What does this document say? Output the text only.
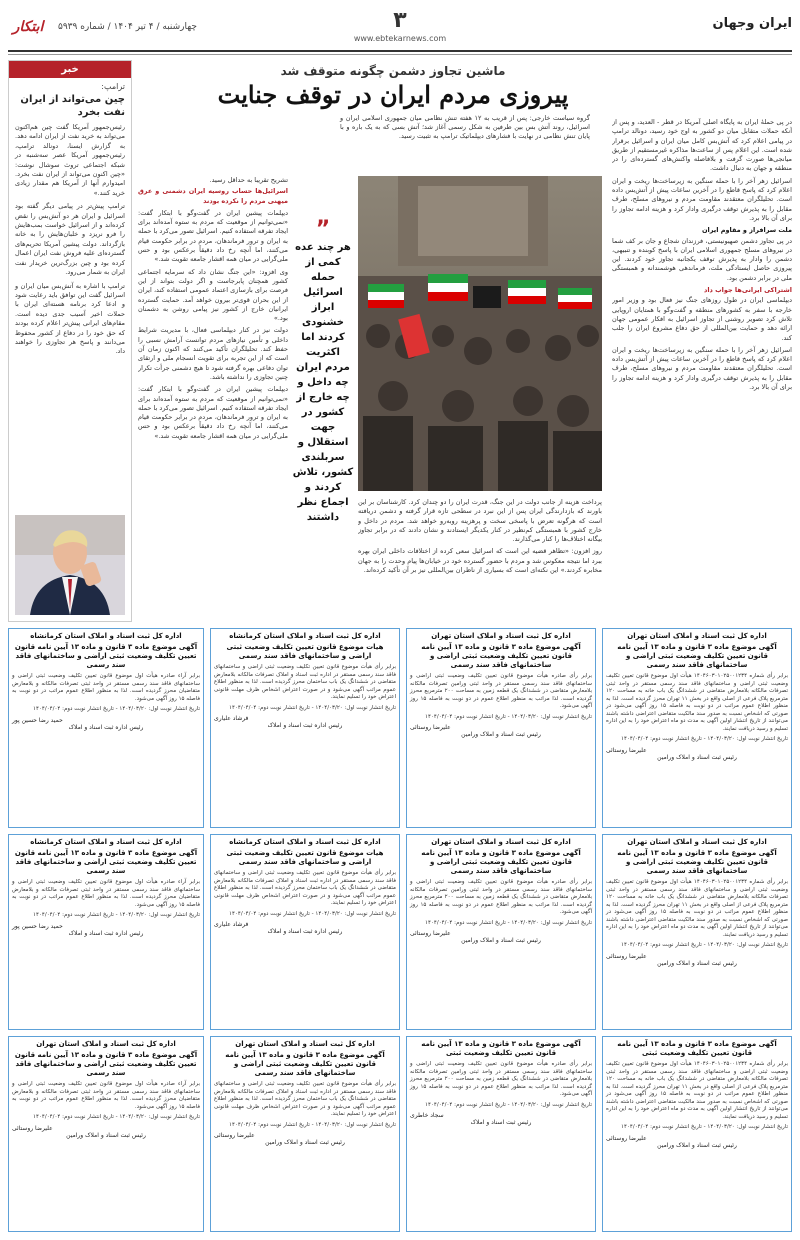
ایران وجهان
۳
www.ebtekarnews.com
چهارشنبه / ۴ تیر ۱۴۰۴ / شماره ۵۹۳۹
ابتکار
خبر
ترامپ:
چین می‌تواند از ایران نفت بخرد
رئیس‌جمهور آمریکا گفت چین هم‌اکنون می‌تواند به خرید نفت از ایران ادامه دهد. به گزارش ایسنا، دونالد ترامپ، رئیس‌جمهور آمریکا عصر سه‌شنبه در شبکه اجتماعی تروث سوشال نوشت: «چین اکنون می‌تواند از ایران نفت بخرد. امیدوارم آنها از آمریکا هم مقدار زیادی خرید کنند.»
ترامپ پیش‌تر در پیامی دیگر گفته بود اسرائیل و ایران هر دو آتش‌بس را نقض کرده‌اند و از اسرائیل خواست بمب‌هایش را فرو نریزد و خلبان‌هایش را به خانه بازگرداند. دولت پیشین آمریکا تحریم‌های گسترده‌ای علیه فروش نفت ایران اعمال کرده بود و چین بزرگ‌ترین خریدار نفت ایران به شمار می‌رود.
ترامپ با اشاره به آتش‌بس میان ایران و اسرائیل گفت این توافق باید رعایت شود و ادعا کرد برنامه هسته‌ای ایران با حملات اخیر آسیب جدی دیده است. مقام‌های ایرانی پیش‌تر اعلام کرده بودند که حق خود را در دفاع از کشور محفوظ می‌دانند و پاسخ هر تجاوزی را خواهند داد.
ماشین تجاوز دشمن چگونه متوقف شد
پیروزی مردم ایران در توقف جنایت
گروه سیاست خارجی: پس از قریب به ۱۲ هفته تنش نظامی میان جمهوری اسلامی ایران و اسرائیل، روند آتش بس بین طرفین به شکل رسمی آغاز شد؛ آتش بسی که به یک باره و با پایان تنش نظامی در نهایت با فشارهای دیپلماتیک ترامپ به تثبیت رسید.

در پی حملهٔ ایران به پایگاه اصلی آمریکا در قطر - العدید، و پس از آنکه حملات متقابل میان دو کشور به اوج خود رسید، دونالد ترامپ در پیامی اعلام کرد که آتش‌بس کامل میان ایران و اسرائیل برقرار شده است. این اعلام پس از ساعت‌ها مذاکره غیرمستقیم از طریق میانجی‌ها صورت گرفت و بلافاصله واکنش‌های گسترده‌ای را در منطقه و جهان به دنبال داشت.

اسرائیل زهر آخر را با حمله سنگین به زیرساخت‌ها ریخت و ایران اعلام کرد که پاسخ قاطع را در آخرین ساعات پیش از آتش‌بس داده است. تحلیلگران معتقدند مقاومت مردم و نیروهای مسلح، طرف مقابل را به پذیرش توقف درگیری وادار کرد و هزینه ادامه تجاوز را برای آن بالا برد.

ملت سرافراز و مقاوم ایران

در پی تجاوز دشمن صهیونیستی، فرزندان شجاع و جان بر کف شما در نیروهای مسلح جمهوری اسلامی ایران با پاسخ کوبنده و تنبیهی، دشمن را وادار به پذیرش توقف یکجانبه تجاوز خود کردند. این پیروزی حاصل ایستادگی ملت، فرماندهی هوشمندانه و همبستگی ملی در برابر دشمن بود.

اشتراکی ایرانی‌ها جواب داد

دیپلماسی ایران در طول روزهای جنگ نیز فعال بود و وزیر امور خارجه با سفر به کشورهای منطقه و گفت‌وگو با همتایان اروپایی تلاش کرد تصویر روشنی از تجاوز اسرائیل به افکار عمومی جهان ارائه دهد و حمایت بین‌المللی از حق دفاع مشروع ایران را جلب کند.

اسرائیل زهر آخر را با حمله سنگین به زیرساخت‌ها ریخت و ایران اعلام کرد که پاسخ قاطع را در آخرین ساعات پیش از آتش‌بس داده است. تحلیلگران معتقدند مقاومت مردم و نیروهای مسلح، طرف مقابل را به پذیرش توقف درگیری وادار کرد و هزینه ادامه تجاوز را برای آن بالا برد.

”
هر چند عده کمی از حمله اسرائیل ابراز خشنودی کردند اما اکثریت مردم ایران چه داخل و چه خارج از کشور در جهت استقلال و سربلندی کشور، تلاش کردند و اجماع نظر داشتند

پرداخت هزینه از جانب دولت در این جنگ، قدرت ایران را دو چندان کرد. کارشناسان بر این باورند که بازدارندگی ایران پس از این نبرد در سطحی تازه قرار گرفته و دشمن دریافته است که هرگونه تعرض با پاسخی سخت و پرهزینه روبه‌رو خواهد شد. مردم در داخل و خارج کشور با همبستگی کم‌نظیر در کنار یکدیگر ایستادند و نشان دادند که در برابر تجاوز بیگانه اختلاف‌ها را کنار می‌گذارند.

روز افزون: «تظاهر قضیه این است که اسرائیل سعی کرده از اختلافات داخلی ایران بهره ببرد اما نتیجه معکوس شد و مردم با حضور گسترده خود در خیابان‌ها پیام وحدت را به جهان مخابره کردند.» این نکته‌ای است که بسیاری از ناظران بین‌المللی نیز بر آن تأکید کرده‌اند.

تشریح تقریبا به حداقل رسید.

اسرائیل‌ها حساب روسیه ایران دشمنی و عرق میهنی مردم را نکرده بودند

دیپلمات پیشین ایران در گفت‌وگو با ابتکار گفت: «نمی‌توانیم از موقعیت که مردم به ستوه آمده‌اند برای ایجاد تفرقه استفاده کنیم. اسرائیل تصور می‌کرد با حمله به ایران و ترور فرماندهان، مردم در برابر حکومت قیام می‌کنند، اما آنچه رخ داد دقیقاً برعکس بود و حس ملی‌گرایی در میان همه اقشار جامعه تقویت شد.»

وی افزود: «این جنگ نشان داد که سرمایه اجتماعی کشور همچنان پابرجاست و اگر دولت بتواند از این فرصت برای بازسازی اعتماد عمومی استفاده کند، ایران از این بحران قوی‌تر بیرون خواهد آمد. حمایت گسترده ایرانیان خارج از کشور نیز پیامی روشن به دشمنان بود.»

دولت نیز در کنار دیپلماسی فعال، با مدیریت شرایط داخلی و تأمین نیازهای مردم توانست آرامش نسبی را حفظ کند. تحلیلگران تأکید می‌کنند که اکنون زمان آن است که از این تجربه برای تقویت انسجام ملی و ارتقای توان دفاعی بهره گرفته شود تا هیچ دشمنی جرأت تکرار چنین تجاوزی را نداشته باشد.

دیپلمات پیشین ایران در گفت‌وگو با ابتکار گفت: «نمی‌توانیم از موقعیت که مردم به ستوه آمده‌اند برای ایجاد تفرقه استفاده کنیم. اسرائیل تصور می‌کرد با حمله به ایران و ترور فرماندهان، مردم در برابر حکومت قیام می‌کنند، اما آنچه رخ داد دقیقاً برعکس بود و حس ملی‌گرایی در میان همه اقشار جامعه تقویت شد.»

اداره کل ثبت اسناد و املاک استان تهران
آگهی موضوع ماده ۳ قانون و ماده ۱۳ آیین نامه قانون تعیین تکلیف وضعیت ثبتی اراضی و ساختمانهای فاقد سند رسمی
برابر رأی شماره ۱۴۰۴۶۰۳۰۱۰۲۵۰۰۱۲۳۴ هیأت اول موضوع قانون تعیین تکلیف وضعیت ثبتی اراضی و ساختمانهای فاقد سند رسمی مستقر در واحد ثبتی تصرفات مالکانه بلامعارض متقاضی در ششدانگ یک باب خانه به مساحت ۱۲۰ مترمربع پلاک فرعی از اصلی واقع در بخش ۱۱ تهران محرز گردیده است. لذا به منظور اطلاع عموم مراتب در دو نوبت به فاصله ۱۵ روز آگهی می‌شود در صورتی که اشخاص نسبت به صدور سند مالکیت متقاضی اعتراضی داشته باشند می‌توانند از تاریخ انتشار اولین آگهی به مدت دو ماه اعتراض خود را به این اداره تسلیم و رسید دریافت نمایند.
تاریخ انتشار نوبت اول: ۱۴۰۴/۰۳/۲۰ - تاریخ انتشار نوبت دوم: ۱۴۰۴/۰۴/۰۴
علیرضا روستائی
رئیس ثبت اسناد و املاک ورامین
اداره کل ثبت اسناد و املاک استان تهران
آگهی موضوع ماده ۳ قانون و ماده ۱۳ آیین نامه قانون تعیین تکلیف وضعیت ثبتی اراضی و ساختمانهای فاقد سند رسمی
برابر رأی صادره هیأت موضوع قانون تعیین تکلیف وضعیت ثبتی اراضی و ساختمانهای فاقد سند رسمی مستقر در واحد ثبتی ورامین تصرفات مالکانه بلامعارض متقاضی در ششدانگ یک قطعه زمین به مساحت ۲۰۰ مترمربع محرز گردیده است. لذا مراتب به منظور اطلاع عموم در دو نوبت به فاصله ۱۵ روز آگهی می‌شود.
تاریخ انتشار نوبت اول: ۱۴۰۴/۰۳/۲۰ - تاریخ انتشار نوبت دوم: ۱۴۰۴/۰۴/۰۴
علیرضا روستائی
رئیس ثبت اسناد و املاک ورامین
اداره کل ثبت اسناد و املاک استان کرمانشاه
هیات موضوع قانون تعیین تکلیف وضعیت ثبتی اراضی و ساختمانهای فاقد سند رسمی
برابر رأی هیأت موضوع قانون تعیین تکلیف وضعیت ثبتی اراضی و ساختمانهای فاقد سند رسمی مستقر در اداره ثبت اسناد و املاک تصرفات مالکانه بلامعارض متقاضی در ششدانگ یک باب ساختمان محرز گردیده است. لذا به منظور اطلاع عموم مراتب آگهی می‌شود و در صورت اعتراض اشخاص ظرف مهلت قانونی اعتراض خود را تسلیم نمایند.
تاریخ انتشار نوبت اول: ۱۴۰۴/۰۳/۲۰ - تاریخ انتشار نوبت دوم: ۱۴۰۴/۰۴/۰۴
فرشاد علیاری
رئیس اداره ثبت اسناد و املاک
اداره کل ثبت اسناد و املاک استان کرمانشاه
آگهی موضوع ماده ۳ قانون و ماده ۱۳ آیین نامه قانون تعیین تکلیف وضعیت ثبتی اراضی و ساختمانهای فاقد سند رسمی
برابر آراء صادره هیأت اول موضوع قانون تعیین تکلیف وضعیت ثبتی اراضی و ساختمانهای فاقد سند رسمی مستقر در واحد ثبتی تصرفات مالکانه و بلامعارض متقاضیان محرز گردیده است. لذا به منظور اطلاع عموم مراتب در دو نوبت به فاصله ۱۵ روز آگهی می‌شود.
تاریخ انتشار نوبت اول: ۱۴۰۴/۰۳/۲۰ - تاریخ انتشار نوبت دوم: ۱۴۰۴/۰۴/۰۴
حمید رضا حسین پور
رئیس اداره ثبت اسناد و املاک
اداره کل ثبت اسناد و املاک استان تهران
آگهی موضوع ماده ۳ قانون و ماده ۱۳ آیین نامه قانون تعیین تکلیف وضعیت ثبتی اراضی و ساختمانهای فاقد سند رسمی
برابر رأی شماره ۱۴۰۴۶۰۳۰۱۰۲۵۰۰۱۲۳۴ هیأت اول موضوع قانون تعیین تکلیف وضعیت ثبتی اراضی و ساختمانهای فاقد سند رسمی مستقر در واحد ثبتی تصرفات مالکانه بلامعارض متقاضی در ششدانگ یک باب خانه به مساحت ۱۲۰ مترمربع پلاک فرعی از اصلی واقع در بخش ۱۱ تهران محرز گردیده است. لذا به منظور اطلاع عموم مراتب در دو نوبت به فاصله ۱۵ روز آگهی می‌شود در صورتی که اشخاص نسبت به صدور سند مالکیت متقاضی اعتراضی داشته باشند می‌توانند از تاریخ انتشار اولین آگهی به مدت دو ماه اعتراض خود را به این اداره تسلیم و رسید دریافت نمایند.
تاریخ انتشار نوبت اول: ۱۴۰۴/۰۳/۲۰ - تاریخ انتشار نوبت دوم: ۱۴۰۴/۰۴/۰۴
علیرضا روستائی
رئیس ثبت اسناد و املاک ورامین
اداره کل ثبت اسناد و املاک استان تهران
آگهی موضوع ماده ۳ قانون و ماده ۱۳ آیین نامه قانون تعیین تکلیف وضعیت ثبتی اراضی و ساختمانهای فاقد سند رسمی
برابر رأی صادره هیأت موضوع قانون تعیین تکلیف وضعیت ثبتی اراضی و ساختمانهای فاقد سند رسمی مستقر در واحد ثبتی ورامین تصرفات مالکانه بلامعارض متقاضی در ششدانگ یک قطعه زمین به مساحت ۲۰۰ مترمربع محرز گردیده است. لذا مراتب به منظور اطلاع عموم در دو نوبت به فاصله ۱۵ روز آگهی می‌شود.
تاریخ انتشار نوبت اول: ۱۴۰۴/۰۳/۲۰ - تاریخ انتشار نوبت دوم: ۱۴۰۴/۰۴/۰۴
علیرضا روستائی
رئیس ثبت اسناد و املاک ورامین
اداره کل ثبت اسناد و املاک استان کرمانشاه
هیات موضوع قانون تعیین تکلیف وضعیت ثبتی اراضی و ساختمانهای فاقد سند رسمی
برابر رأی هیأت موضوع قانون تعیین تکلیف وضعیت ثبتی اراضی و ساختمانهای فاقد سند رسمی مستقر در اداره ثبت اسناد و املاک تصرفات مالکانه بلامعارض متقاضی در ششدانگ یک باب ساختمان محرز گردیده است. لذا به منظور اطلاع عموم مراتب آگهی می‌شود و در صورت اعتراض اشخاص ظرف مهلت قانونی اعتراض خود را تسلیم نمایند.
تاریخ انتشار نوبت اول: ۱۴۰۴/۰۳/۲۰ - تاریخ انتشار نوبت دوم: ۱۴۰۴/۰۴/۰۴
فرشاد علیاری
رئیس اداره ثبت اسناد و املاک
اداره کل ثبت اسناد و املاک استان کرمانشاه
آگهی موضوع ماده ۳ قانون و ماده ۱۳ آیین نامه قانون تعیین تکلیف وضعیت ثبتی اراضی و ساختمانهای فاقد سند رسمی
برابر آراء صادره هیأت اول موضوع قانون تعیین تکلیف وضعیت ثبتی اراضی و ساختمانهای فاقد سند رسمی مستقر در واحد ثبتی تصرفات مالکانه و بلامعارض متقاضیان محرز گردیده است. لذا به منظور اطلاع عموم مراتب در دو نوبت به فاصله ۱۵ روز آگهی می‌شود.
تاریخ انتشار نوبت اول: ۱۴۰۴/۰۳/۲۰ - تاریخ انتشار نوبت دوم: ۱۴۰۴/۰۴/۰۴
حمید رضا حسین پور
رئیس اداره ثبت اسناد و املاک
آگهی موضوع ماده ۳ قانون و ماده ۱۳ آیین نامه قانون تعیین تکلیف وضعیت ثبتی
برابر رأی شماره ۱۴۰۴۶۰۳۰۱۰۲۵۰۰۱۲۳۴ هیأت اول موضوع قانون تعیین تکلیف وضعیت ثبتی اراضی و ساختمانهای فاقد سند رسمی مستقر در واحد ثبتی تصرفات مالکانه بلامعارض متقاضی در ششدانگ یک باب خانه به مساحت ۱۲۰ مترمربع پلاک فرعی از اصلی واقع در بخش ۱۱ تهران محرز گردیده است. لذا به منظور اطلاع عموم مراتب در دو نوبت به فاصله ۱۵ روز آگهی می‌شود در صورتی که اشخاص نسبت به صدور سند مالکیت متقاضی اعتراضی داشته باشند می‌توانند از تاریخ انتشار اولین آگهی به مدت دو ماه اعتراض خود را به این اداره تسلیم و رسید دریافت نمایند.
تاریخ انتشار نوبت اول: ۱۴۰۴/۰۳/۲۰ - تاریخ انتشار نوبت دوم: ۱۴۰۴/۰۴/۰۴
علیرضا روستائی
رئیس ثبت اسناد و املاک ورامین
آگهی موضوع ماده ۳ قانون و ماده ۱۳ آیین نامه قانون تعیین تکلیف وضعیت ثبتی
برابر رأی صادره هیأت موضوع قانون تعیین تکلیف وضعیت ثبتی اراضی و ساختمانهای فاقد سند رسمی مستقر در واحد ثبتی ورامین تصرفات مالکانه بلامعارض متقاضی در ششدانگ یک قطعه زمین به مساحت ۲۰۰ مترمربع محرز گردیده است. لذا مراتب به منظور اطلاع عموم در دو نوبت به فاصله ۱۵ روز آگهی می‌شود.
تاریخ انتشار نوبت اول: ۱۴۰۴/۰۳/۲۰ - تاریخ انتشار نوبت دوم: ۱۴۰۴/۰۴/۰۴
سجاد خاطری
رئیس ثبت اسناد و املاک
اداره کل ثبت اسناد و املاک استان تهران
آگهی موضوع ماده ۳ قانون و ماده ۱۳ آیین نامه قانون تعیین تکلیف وضعیت ثبتی اراضی و ساختمانهای فاقد سند رسمی
برابر رأی هیأت موضوع قانون تعیین تکلیف وضعیت ثبتی اراضی و ساختمانهای فاقد سند رسمی مستقر در اداره ثبت اسناد و املاک تصرفات مالکانه بلامعارض متقاضی در ششدانگ یک باب ساختمان محرز گردیده است. لذا به منظور اطلاع عموم مراتب آگهی می‌شود و در صورت اعتراض اشخاص ظرف مهلت قانونی اعتراض خود را تسلیم نمایند.
تاریخ انتشار نوبت اول: ۱۴۰۴/۰۳/۲۰ - تاریخ انتشار نوبت دوم: ۱۴۰۴/۰۴/۰۴
علیرضا روستائی
رئیس ثبت اسناد و املاک ورامین
اداره کل ثبت اسناد و املاک استان تهران
آگهی موضوع ماده ۳ قانون و ماده ۱۳ آیین نامه قانون تعیین تکلیف وضعیت ثبتی اراضی و ساختمانهای فاقد سند رسمی
برابر آراء صادره هیأت اول موضوع قانون تعیین تکلیف وضعیت ثبتی اراضی و ساختمانهای فاقد سند رسمی مستقر در واحد ثبتی تصرفات مالکانه و بلامعارض متقاضیان محرز گردیده است. لذا به منظور اطلاع عموم مراتب در دو نوبت به فاصله ۱۵ روز آگهی می‌شود.
تاریخ انتشار نوبت اول: ۱۴۰۴/۰۳/۲۰ - تاریخ انتشار نوبت دوم: ۱۴۰۴/۰۴/۰۴
علیرضا روستائی
رئیس ثبت اسناد و املاک ورامین
